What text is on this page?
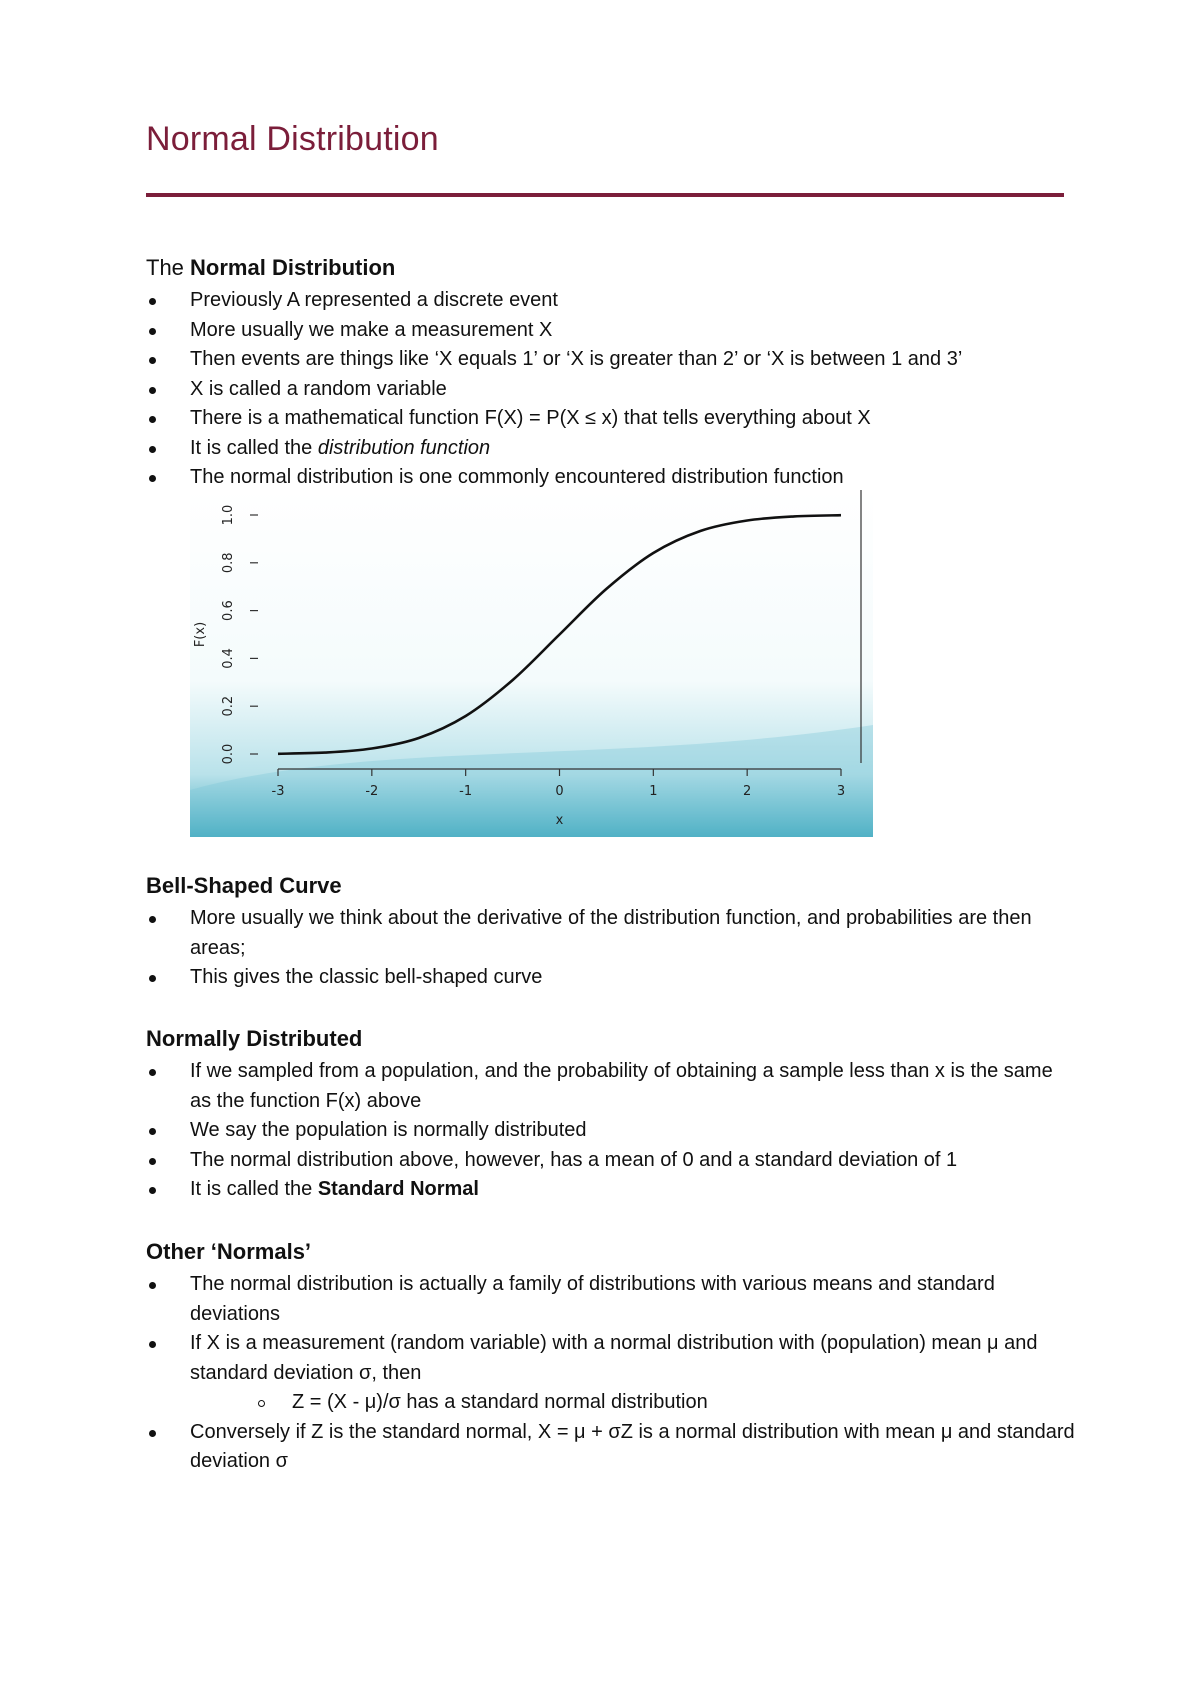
Normal Distribution
The Normal Distribution
Previously A represented a discrete event
More usually we make a measurement X
Then events are things like ‘X equals 1’ or ‘X is greater than 2’ or ‘X is between 1 and 3’
X is called a random variable
There is a mathematical function F(X) = P(X ≤ x) that tells everything about X
It is called the distribution function
The normal distribution is one commonly encountered distribution function
-3	-2	-1	0	1	2	3
x
0.0
0.2
0.4
0.6
0.8
1.0
F(x)
Bell-Shaped Curve
More usually we think about the derivative of the distribution function, and probabilities are then areas;
This gives the classic bell-shaped curve
Normally Distributed
If we sampled from a population, and the probability of obtaining a sample less than x is the same as the function F(x) above
We say the population is normally distributed
The normal distribution above, however, has a mean of 0 and a standard deviation of 1
It is called the Standard Normal
Other ‘Normals’
The normal distribution is actually a family of distributions with various means and standard deviations
If X is a measurement (random variable) with a normal distribution with (population) mean μ and standard deviation σ, then
Z = (X - μ)/σ has a standard normal distribution
Conversely if Z is the standard normal, X = μ + σZ is a normal distribution with mean μ and standard deviation σ
